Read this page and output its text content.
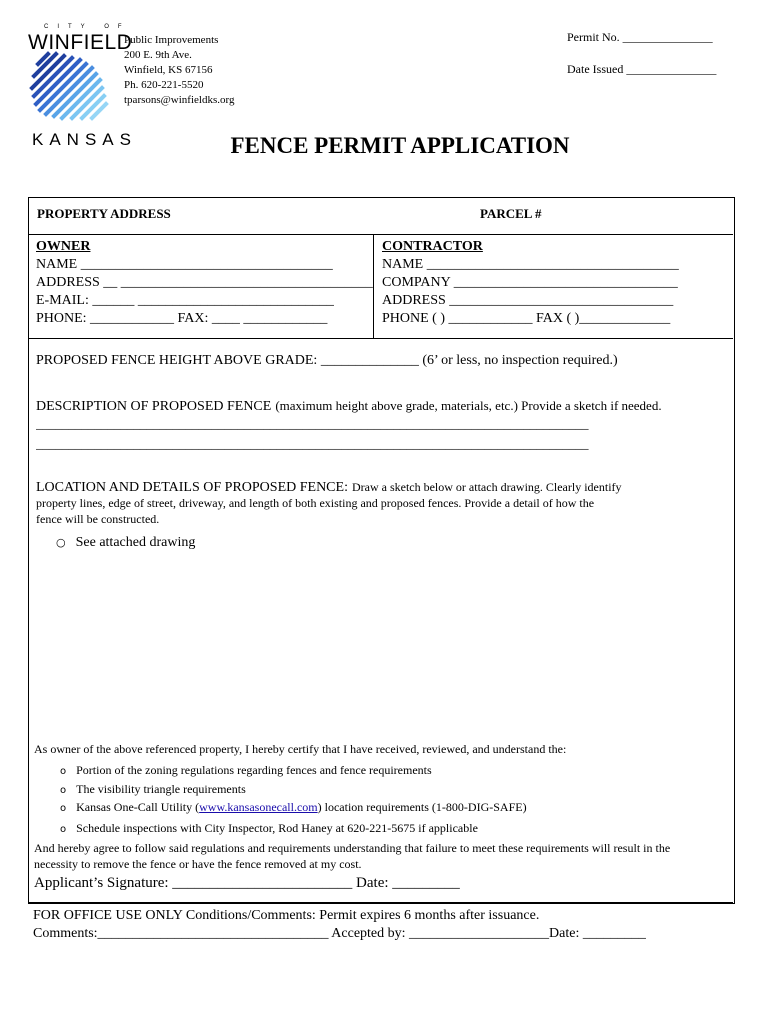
CITY OF
WINFIELD
KANSAS
Public Improvements
200 E. 9th Ave.
Winfield, KS 67156
Ph. 620-221-5520
tparsons@winfieldks.org
Permit No. _______________
Date Issued _______________
FENCE PERMIT APPLICATION
PROPERTY ADDRESS	PARCEL #
OWNER
NAME ____________________________________
ADDRESS __ ____________________________________
E-MAIL: ______ ____________________________
PHONE: ____________ FAX: ____ ____________
CONTRACTOR
NAME ____________________________________
COMPANY ________________________________
ADDRESS ________________________________
PHONE ( ) ____________ FAX ( )_____________
PROPOSED FENCE HEIGHT ABOVE GRADE: ______________ (6’ or less, no inspection required.)
DESCRIPTION OF PROPOSED FENCE (maximum height above grade, materials, etc.) Provide a sketch if needed.
_____________________________________________________________________________________
_____________________________________________________________________________________
LOCATION AND DETAILS OF PROPOSED FENCE: Draw a sketch below or attach drawing. Clearly identify
property lines, edge of street, driveway, and length of both existing and proposed fences. Provide a detail of how the
fence will be constructed.
○ See attached drawing
As owner of the above referenced property, I hereby certify that I have received, reviewed, and understand the:
o Portion of the zoning regulations regarding fences and fence requirements
o The visibility triangle requirements
o Kansas One-Call Utility (www.kansasonecall.com) location requirements (1-800-DIG-SAFE)
o Schedule inspections with City Inspector, Rod Haney at 620-221-5675 if applicable
And hereby agree to follow said regulations and requirements understanding that failure to meet these requirements will result in the
necessity to remove the fence or have the fence removed at my cost.
Applicant’s Signature: ________________________ Date: _________
FOR OFFICE USE ONLY Conditions/Comments: Permit expires 6 months after issuance.
Comments:_________________________________ Accepted by: ____________________Date: _________
